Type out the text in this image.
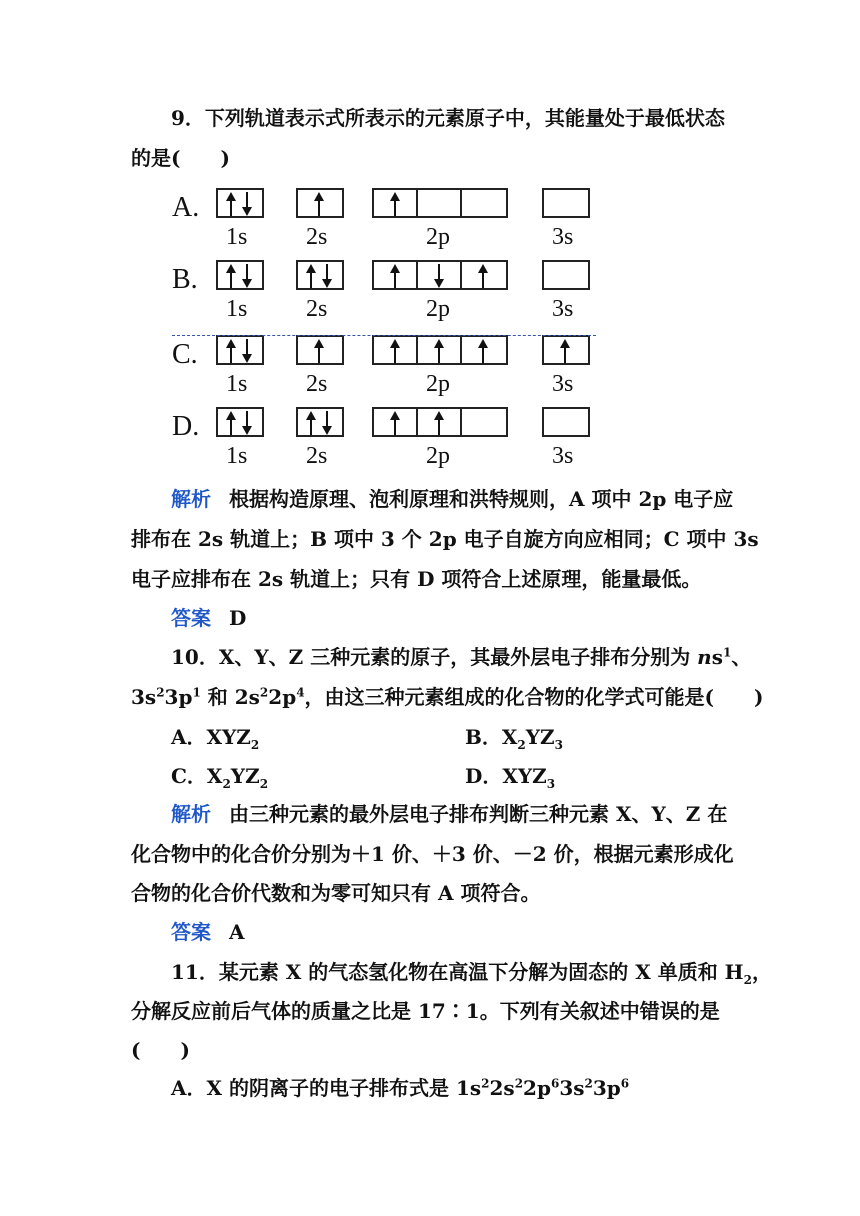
9．下列轨道表示式所表示的元素原子中，其能量处于最低状态
的是(　　)
A.
1s 2s	2p	3s
B.
1s 2s	2p	3s
C.
1s 2s	2p	3s
D.
1s 2s	2p	3s
解析 根据构造原理、泡利原理和洪特规则，A 项中 2p 电子应
排布在 2s 轨道上；B 项中 3 个 2p 电子自旋方向应相同；C 项中 3s
电子应排布在 2s 轨道上；只有 D 项符合上述原理，能量最低。
答案 D
10．X、Y、Z 三种元素的原子，其最外层电子排布分别为 $ns^1$、
$3s^23p^1$ 和 $2s^22p^4$，由这三种元素组成的化合物的化学式可能是(　　)
A．$XYZ_2$	B．$X_2YZ_3$
C．$X_2YZ_2$	D．$XYZ_3$
解析 由三种元素的最外层电子排布判断三种元素 X、Y、Z 在
化合物中的化合价分别为＋1 价、＋3 价、－2 价，根据元素形成化
合物的化合价代数和为零可知只有 A 项符合。
答案 A
11．某元素 X 的气态氢化物在高温下分解为固态的 X 单质和 $H_2$，
分解反应前后气体的质量之比是 17∶1。下列有关叙述中错误的是
(　　)
A．X 的阴离子的电子排布式是 $1s^22s^22p^63s^23p^6$
